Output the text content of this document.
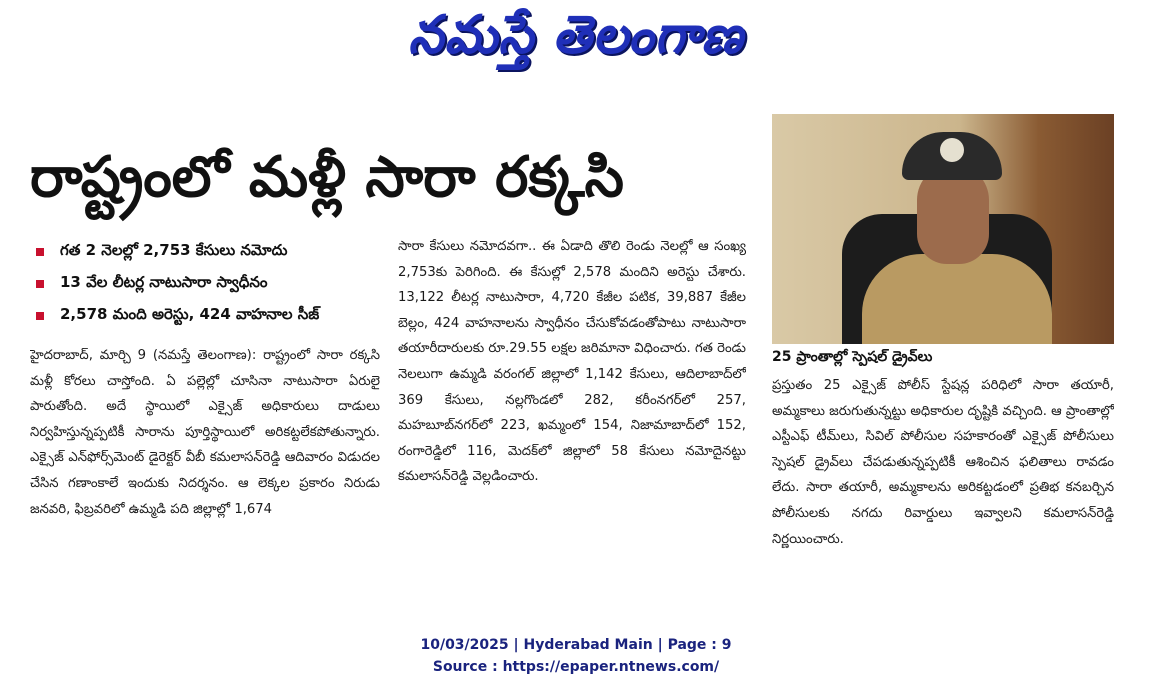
నమస్తే తెలంగాణ
రాష్ట్రంలో మళ్లీ సారా రక్కసి
గత 2 నెలల్లో 2,753 కేసులు నమోదు
13 వేల లీటర్ల నాటుసారా స్వాధీనం
2,578 మంది అరెస్టు, 424 వాహనాల సీజ్
హైదరాబాద్, మార్చి 9 (నమస్తే తెలంగాణ): రాష్ట్రంలో సారా రక్కసి మళ్లీ కోరలు చాస్తోంది. ఏ పల్లెల్లో చూసినా నాటుసారా ఏరులై పారుతోంది. అదే స్థాయిలో ఎక్సైజ్ అధికారులు దాడులు నిర్వహిస్తున్నప్పటికీ సారాను పూర్తిస్థాయిలో అరికట్టలేకపోతున్నారు. ఎక్సైజ్ ఎన్‌ఫోర్స్‌మెంట్ డైరెక్టర్ వీబీ కమలాసన్‌రెడ్డి ఆదివారం విడుదల చేసిన గణాంకాలే ఇందుకు నిదర్శనం. ఆ లెక్కల ప్రకారం నిరుడు జనవరి, ఫిబ్రవరిలో ఉమ్మడి పది జిల్లాల్లో 1,674
సారా కేసులు నమోదవగా.. ఈ ఏడాది తొలి రెండు నెలల్లో ఆ సంఖ్య 2,753కు పెరిగింది. ఈ కేసుల్లో 2,578 మందిని అరెస్టు చేశారు. 13,122 లీటర్ల నాటుసారా, 4,720 కేజీల పటిక, 39,887 కేజీల బెల్లం, 424 వాహనాలను స్వాధీనం చేసుకోవడంతోపాటు నాటుసారా తయారీదారులకు రూ.29.55 లక్షల జరిమానా విధించారు. గత రెండు నెలలుగా ఉమ్మడి వరంగల్ జిల్లాలో 1,142 కేసులు, ఆదిలాబాద్‌లో 369 కేసులు, నల్లగొండలో 282, కరీంనగర్‌లో 257, మహబూబ్‌నగర్‌లో 223, ఖమ్మంలో 154, నిజామాబాద్‌లో 152, రంగారెడ్డిలో 116, మెదక్‌లో జిల్లాలో 58 కేసులు నమోదైనట్టు కమలాసన్‌రెడ్డి వెల్లడించారు.
25 ప్రాంతాల్లో స్పెషల్ డ్రైవ్‌లు
ప్రస్తుతం 25 ఎక్సైజ్ పోలీస్ స్టేషన్ల పరిధిలో సారా తయారీ, అమ్మకాలు జరుగుతున్నట్టు అధికారుల దృష్టికి వచ్చింది. ఆ ప్రాంతాల్లో ఎస్టీఎఫ్ టీమ్‌లు, సివిల్ పోలీసుల సహకారంతో ఎక్సైజ్ పోలీసులు స్పెషల్ డ్రైవ్‌లు చేపడుతున్నప్పటికీ ఆశించిన ఫలితాలు రావడం లేదు. సారా తయారీ, అమ్మకాలను అరికట్టడంలో ప్రతిభ కనబర్చిన పోలీసులకు నగదు రివార్డులు ఇవ్వాలని కమలాసన్‌రెడ్డి నిర్ణయించారు.
10/03/2025 | Hyderabad Main | Page : 9
Source : https://epaper.ntnews.com/
